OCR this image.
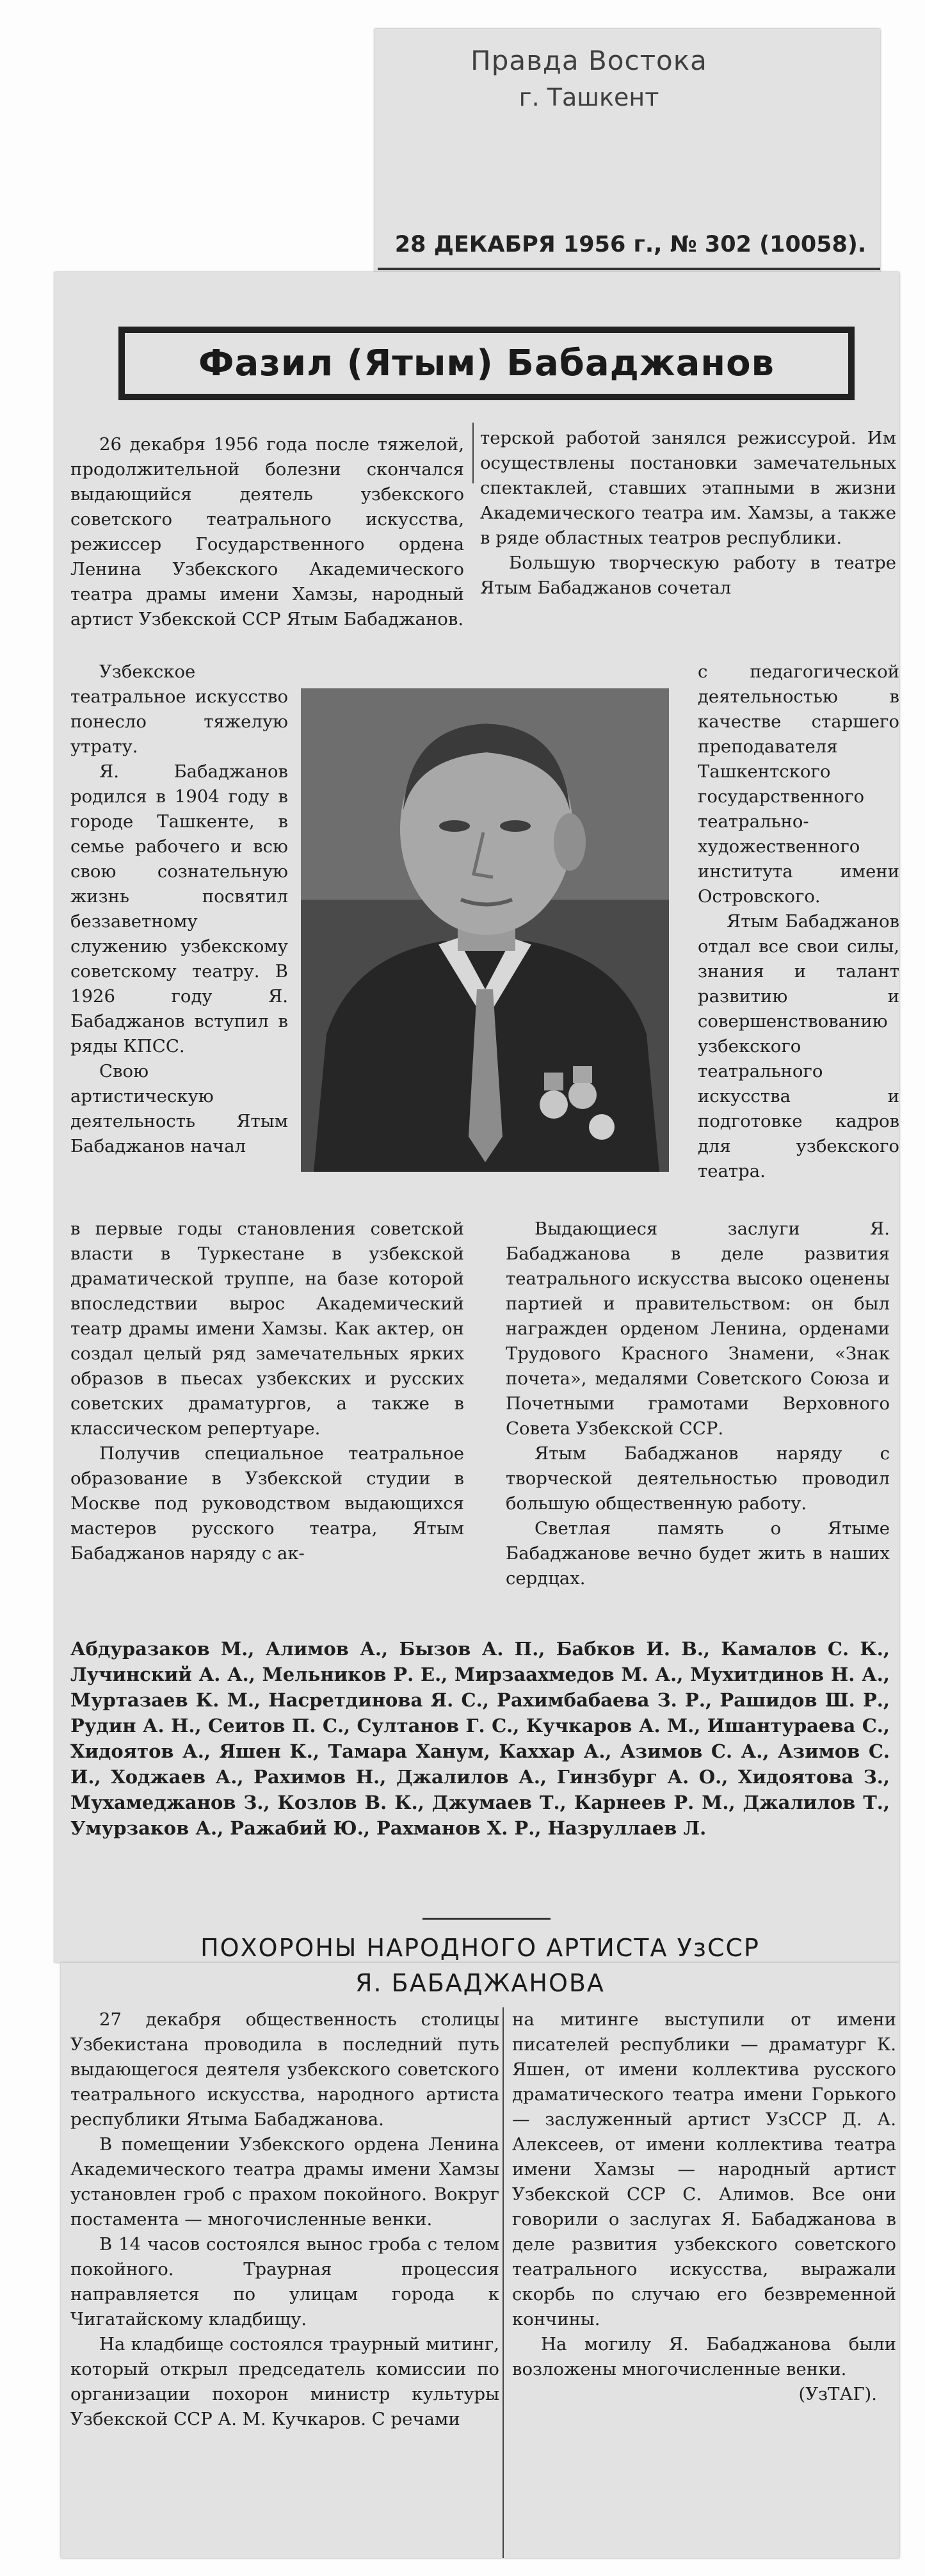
Правда Востока
г. Ташкент
28 ДЕКАБРЯ 1956 г., № 302 (10058).
Фазил (Ятым) Бабаджанов

26 декабря 1956 года после тяжелой, продолжительной болезни скончался выдающийся деятель узбекского советского театрального искусства, режиссер Государственного ордена Ленина Узбекского Академического театра драмы имени Хамзы, народный артист Узбекской ССР Ятым Бабаджанов.

терской работой занялся режиссурой. Им осуществлены постановки замечательных спектаклей, ставших этапными в жизни Академического театра им. Хамзы, а также в ряде областных театров республики.

Большую творческую работу в театре Ятым Бабаджанов сочетал

Узбекское театральное искусство понесло тяжелую утрату.

Я. Бабаджанов родился в 1904 году в городе Ташкенте, в семье рабочего и всю свою сознательную жизнь посвятил беззаветному служению узбекскому советскому театру. В 1926 году Я. Бабаджанов вступил в ряды КПСС.

Свою артистическую деятельность Ятым Бабаджанов начал

с педагогической деятельностью в качестве старшего преподавателя Ташкентского государственного театрально-художественного института имени Островского.

Ятым Бабаджанов отдал все свои силы, знания и талант развитию и совершенствованию узбекского театрального искусства и подготовке кадров для узбекского театра.

в первые годы становления советской власти в Туркестане в узбекской драматической труппе, на базе которой впоследствии вырос Академический театр драмы имени Хамзы. Как актер, он создал целый ряд замечательных ярких образов в пьесах узбекских и русских советских драматургов, а также в классическом репертуаре.

Получив специальное театральное образование в Узбекской студии в Москве под руководством выдающихся мастеров русского театра, Ятым Бабаджанов наряду с ак-

Выдающиеся заслуги Я. Бабаджанова в деле развития театрального искусства высоко оценены партией и правительством: он был награжден орденом Ленина, орденами Трудового Красного Знамени, «Знак почета», медалями Советского Союза и Почетными грамотами Верховного Совета Узбекской ССР.

Ятым Бабаджанов наряду с творческой деятельностью проводил большую общественную работу.

Светлая память о Ятыме Бабаджанове вечно будет жить в наших сердцах.

Абдуразаков М., Алимов А., Бызов А. П., Бабков И. В., Камалов С. К., Лучинский А. А., Мельников Р. Е., Мирзаахмедов М. А., Мухитдинов Н. А., Муртазаев К. М., Насретдинова Я. С., Рахимбабаева З. Р., Рашидов Ш. Р., Рудин А. Н., Сеитов П. С., Султанов Г. С., Кучкаров А. М., Ишантураева С., Хидоятов А., Яшен К., Тамара Ханум, Каххар А., Азимов С. А., Азимов С. И., Ходжаев А., Рахимов Н., Джалилов А., Гинзбург А. О., Хидоятова З., Мухамеджанов З., Козлов В. К., Джумаев Т., Карнеев Р. М., Джалилов Т., Умурзаков А., Ражабий Ю., Рахманов Х. Р., Назруллаев Л.
ПОХОРОНЫ НАРОДНОГО АРТИСТА УзССР
Я. БАБАДЖАНОВА

27 декабря общественность столицы Узбекистана проводила в последний путь выдающегося деятеля узбекского советского театрального искусства, народного артиста республики Ятыма Бабаджанова.

В помещении Узбекского ордена Ленина Академического театра драмы имени Хамзы установлен гроб с прахом покойного. Вокруг постамента — многочисленные венки.

В 14 часов состоялся вынос гроба с телом покойного. Траурная процессия направляется по улицам города к Чигатайскому кладбищу.

На кладбище состоялся траурный митинг, который открыл председатель комиссии по организации похорон министр культуры Узбекской ССР А. М. Кучкаров. С речами

на митинге выступили от имени писателей республики — драматург К. Яшен, от имени коллектива русского драматического театра имени Горького — заслуженный артист УзССР Д. А. Алексеев, от имени коллектива театра имени Хамзы — народный артист Узбекской ССР С. Алимов. Все они говорили о заслугах Я. Бабаджанова в деле развития узбекского советского театрального искусства, выражали скорбь по случаю его безвременной кончины.

На могилу Я. Бабаджанова были возложены многочисленные венки.

(УзТАГ).
